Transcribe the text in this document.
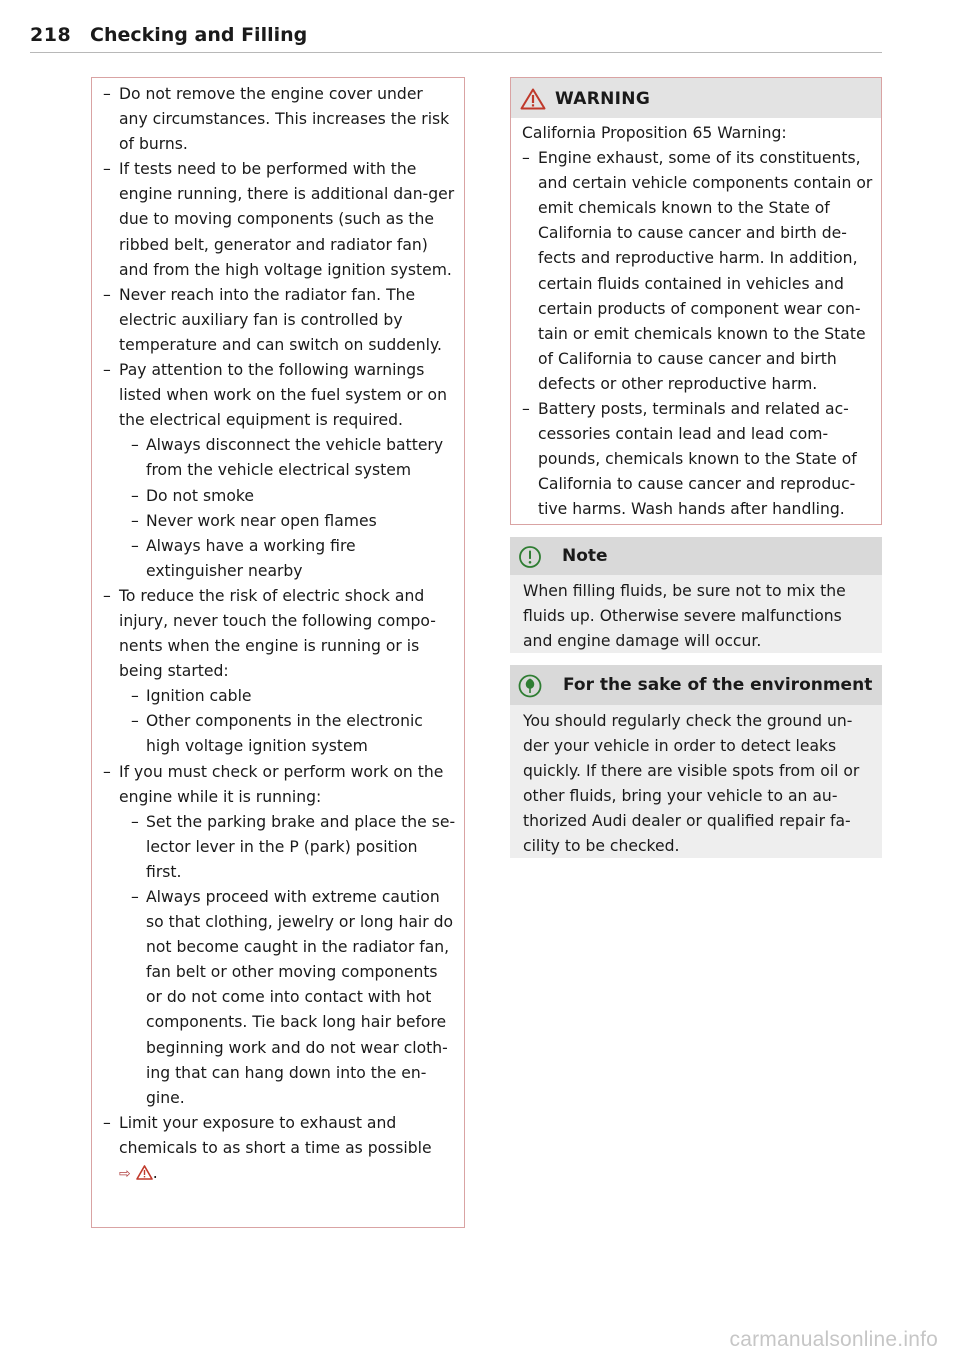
218 Checking and Filling
– Do not remove the engine cover under any circumstances. This increases the risk of burns.
– If tests need to be performed with the engine running, there is additional dan-ger due to moving components (such as the ribbed belt, generator and radiator fan) and from the high voltage ignition system.
– Never reach into the radiator fan. The electric auxiliary fan is controlled by temperature and can switch on suddenly.
– Pay attention to the following warnings listed when work on the fuel system or on the electrical equipment is required.
– Always disconnect the vehicle battery from the vehicle electrical system
– Do not smoke
– Never work near open flames
– Always have a working fire extinguisher nearby
– To reduce the risk of electric shock and injury, never touch the following compo-nents when the engine is running or is being started:
– Ignition cable
– Other components in the electronic high voltage ignition system
– If you must check or perform work on the engine while it is running:
– Set the parking brake and place the se-lector lever in the P (park) position first.
– Always proceed with extreme caution so that clothing, jewelry or long hair do not become caught in the radiator fan, fan belt or other moving components or do not come into contact with hot components. Tie back long hair before beginning work and do not wear cloth-ing that can hang down into the en-gine.
– Limit your exposure to exhaust and chemicals to as short a time as possible
⇨ .
WARNING

California Proposition 65 Warning:

– Engine exhaust, some of its constituents, and certain vehicle components contain or emit chemicals known to the State of California to cause cancer and birth de-fects and reproductive harm. In addition, certain fluids contained in vehicles and certain products of component wear con-tain or emit chemicals known to the State of California to cause cancer and birth defects or other reproductive harm.
– Battery posts, terminals and related ac-cessories contain lead and lead com-pounds, chemicals known to the State of California to cause cancer and reproduc-tive harms. Wash hands after handling.
Note

When filling fluids, be sure not to mix the fluids up. Otherwise severe malfunctions and engine damage will occur.

For the sake of the environment

You should regularly check the ground un-der your vehicle in order to detect leaks quickly. If there are visible spots from oil or other fluids, bring your vehicle to an au-thorized Audi dealer or qualified repair fa-cility to be checked.

carmanualsonline.info
